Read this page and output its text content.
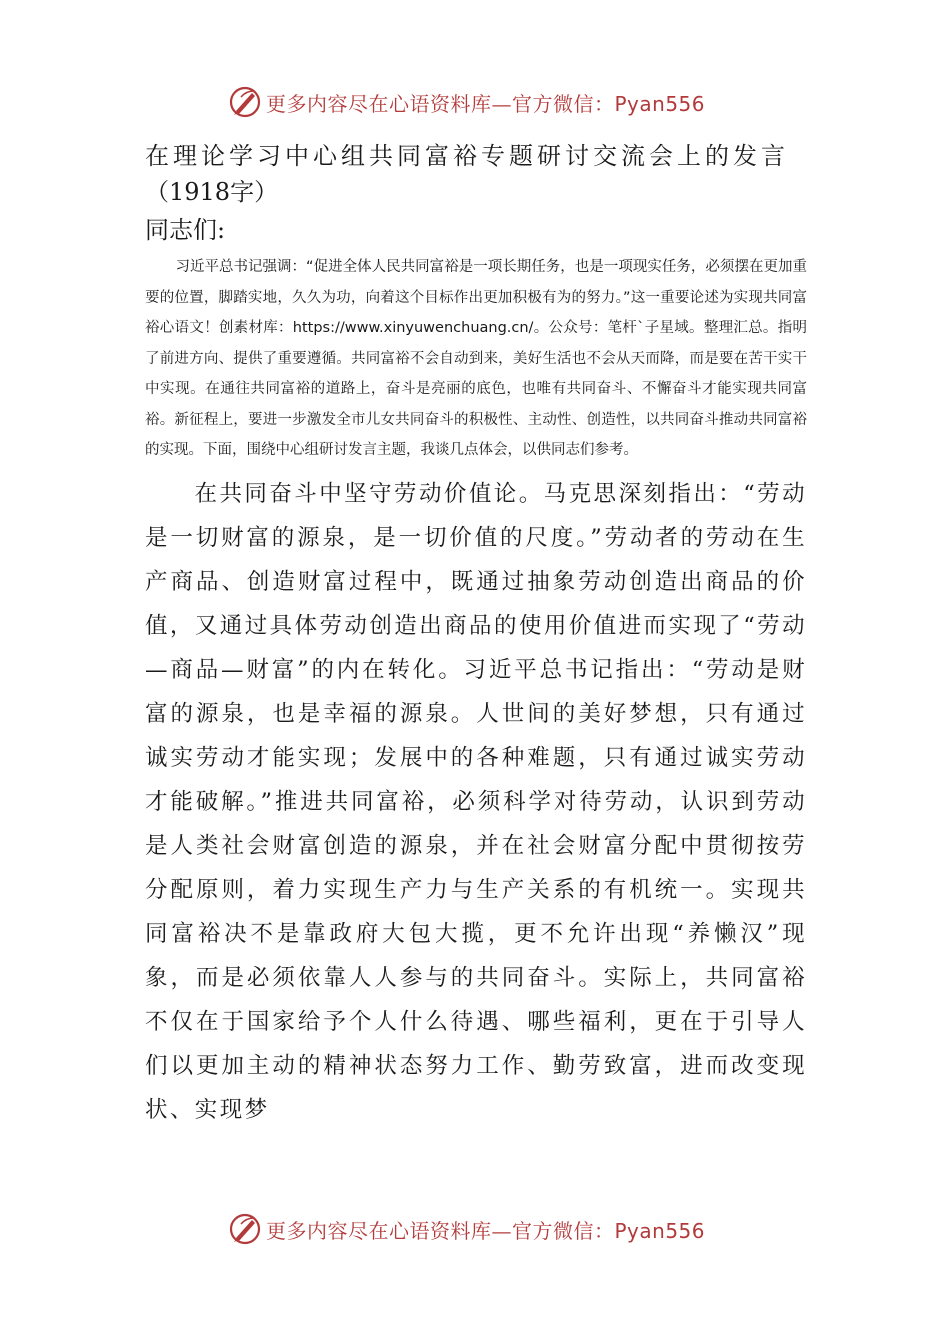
更多内容尽在心语资料库—官方微信：Pyan556
在理论学习中心组共同富裕专题研讨交流会上的发言
（1918字）

同志们:

习近平总书记强调：“促进全体人民共同富裕是一项长期任务，也是一项现实任务，必须摆在更加重要的位置，脚踏实地，久久为功，向着这个目标作出更加积极有为的努力。”这一重要论述为实现共同富裕心语文！创素材库：https://www.xinyuwenchuang.cn/。公众号：笔杆`子星域。整理汇总。指明了前进方向、提供了重要遵循。共同富裕不会自动到来，美好生活也不会从天而降，而是要在苦干实干中实现。在通往共同富裕的道路上，奋斗是亮丽的底色，也唯有共同奋斗、不懈奋斗才能实现共同富裕。新征程上，要进一步激发全市儿女共同奋斗的积极性、主动性、创造性，以共同奋斗推动共同富裕的实现。下面，围绕中心组研讨发言主题，我谈几点体会，以供同志们参考。

在共同奋斗中坚守劳动价值论。马克思深刻指出：“劳动是一切财富的源泉，是一切价值的尺度。”劳动者的劳动在生产商品、创造财富过程中，既通过抽象劳动创造出商品的价值，又通过具体劳动创造出商品的使用价值进而实现了“劳动—商品—财富”的内在转化。习近平总书记指出：“劳动是财富的源泉，也是幸福的源泉。人世间的美好梦想，只有通过诚实劳动才能实现；发展中的各种难题，只有通过诚实劳动才能破解。”推进共同富裕，必须科学对待劳动，认识到劳动是人类社会财富创造的源泉，并在社会财富分配中贯彻按劳分配原则，着力实现生产力与生产关系的有机统一。实现共同富裕决不是靠政府大包大揽，更不允许出现“养懒汉”现象，而是必须依靠人人参与的共同奋斗。实际上，共同富裕不仅在于国家给予个人什么待遇、哪些福利，更在于引导人们以更加主动的精神状态努力工作、勤劳致富，进而改变现状、实现梦

更多内容尽在心语资料库—官方微信：Pyan556
